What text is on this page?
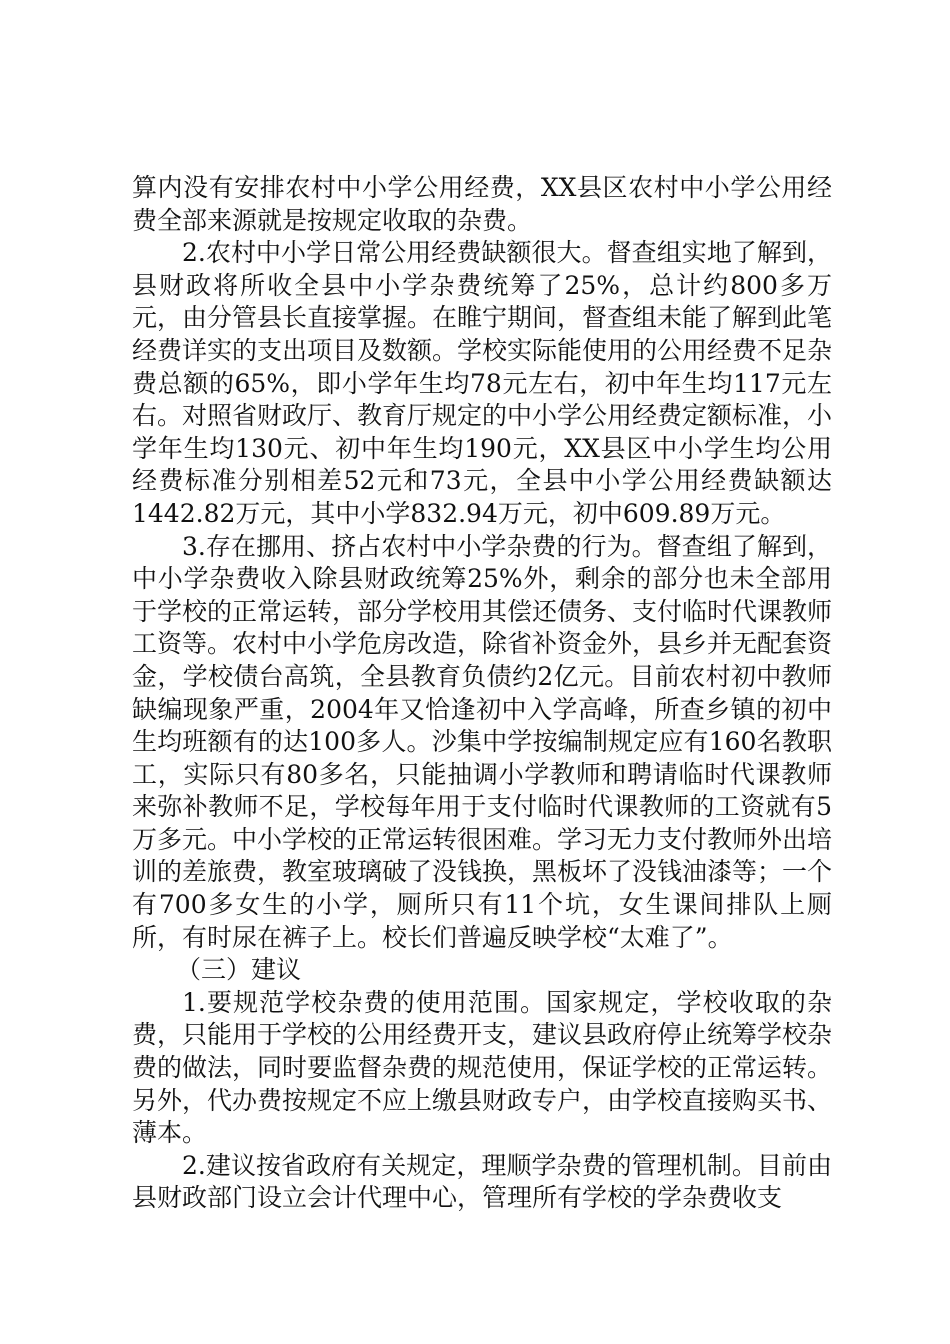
算内没有安排农村中小学公用经费，XX县区农村中小学公用经费全部来源就是按规定收取的杂费。

2.农村中小学日常公用经费缺额很大。督查组实地了解到，县财政将所收全县中小学杂费统筹了25%，总计约800多万元，由分管县长直接掌握。在睢宁期间，督查组未能了解到此笔经费详实的支出项目及数额。学校实际能使用的公用经费不足杂费总额的65%，即小学年生均78元左右，初中年生均117元左右。对照省财政厅、教育厅规定的中小学公用经费定额标准，小学年生均130元、初中年生均190元，XX县区中小学生均公用经费标准分别相差52元和73元，全县中小学公用经费缺额达1442.82万元，其中小学832.94万元，初中609.89万元。

3.存在挪用、挤占农村中小学杂费的行为。督查组了解到，中小学杂费收入除县财政统筹25%外，剩余的部分也未全部用于学校的正常运转，部分学校用其偿还债务、支付临时代课教师工资等。农村中小学危房改造，除省补资金外，县乡并无配套资金，学校债台高筑，全县教育负债约2亿元。目前农村初中教师缺编现象严重，2004年又恰逢初中入学高峰，所查乡镇的初中生均班额有的达100多人。沙集中学按编制规定应有160名教职工，实际只有80多名，只能抽调小学教师和聘请临时代课教师来弥补教师不足，学校每年用于支付临时代课教师的工资就有5万多元。中小学校的正常运转很困难。学习无力支付教师外出培训的差旅费，教室玻璃破了没钱换，黑板坏了没钱油漆等；一个有700多女生的小学，厕所只有11个坑，女生课间排队上厕所，有时尿在裤子上。校长们普遍反映学校“太难了”。

（三）建议

1.要规范学校杂费的使用范围。国家规定，学校收取的杂费，只能用于学校的公用经费开支，建议县政府停止统筹学校杂费的做法，同时要监督杂费的规范使用，保证学校的正常运转。另外，代办费按规定不应上缴县财政专户，由学校直接购买书、薄本。

2.建议按省政府有关规定，理顺学杂费的管理机制。目前由县财政部门设立会计代理中心，管理所有学校的学杂费收支
